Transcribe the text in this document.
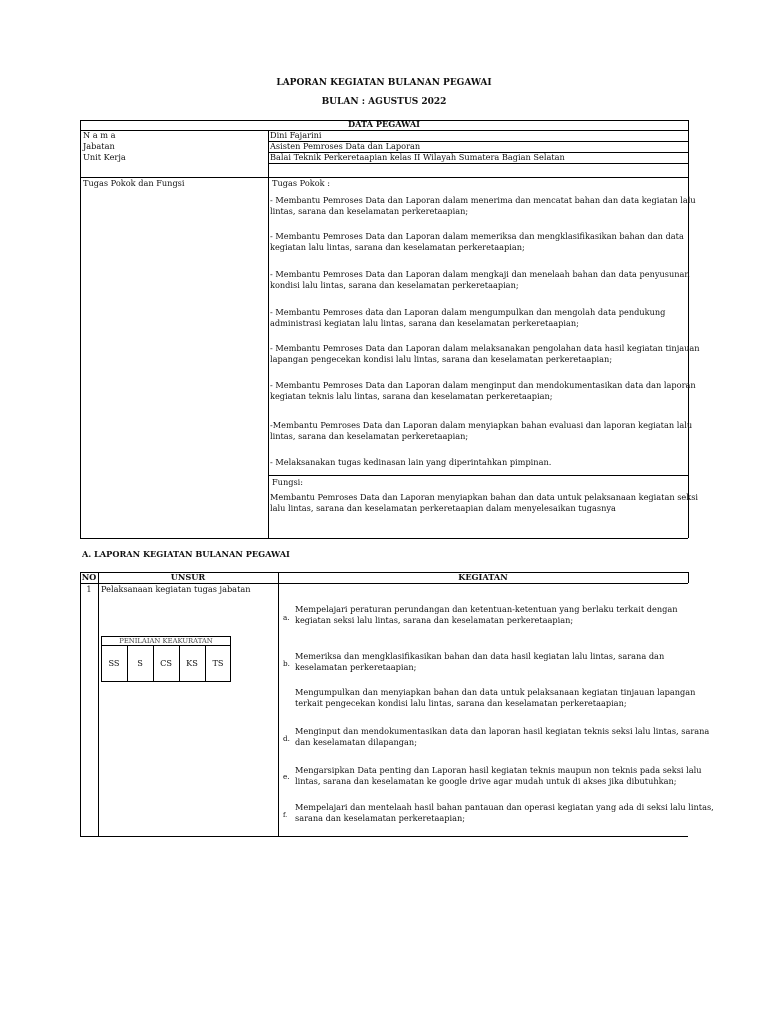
LAPORAN KEGIATAN BULANAN PEGAWAI
BULAN : AGUSTUS 2022
DATA PEGAWAI
N a m a	Dini Fajarini
Jabatan	Asisten Pemroses Data dan Laporan
Unit Kerja	Balai Teknik Perkeretaapian kelas II Wilayah Sumatera Bagian Selatan
Tugas Pokok dan Fungsi	Tugas Pokok :
- Membantu Pemroses Data dan Laporan dalam menerima dan mencatat bahan dan data kegiatan lalu
lintas, sarana dan keselamatan perkeretaapian;
- Membantu Pemroses Data dan Laporan dalam memeriksa dan mengklasifikasikan bahan dan data
kegiatan lalu lintas, sarana dan keselamatan perkeretaapian;
- Membantu Pemroses Data dan Laporan dalam mengkaji dan menelaah bahan dan data penyusunan
kondisi lalu lintas, sarana dan keselamatan perkeretaapian;
- Membantu Pemroses data dan Laporan dalam mengumpulkan dan mengolah data pendukung
administrasi kegiatan lalu lintas, sarana dan keselamatan perkeretaapian;
- Membantu Pemroses Data dan Laporan dalam melaksanakan pengolahan data hasil kegiatan tinjauan
lapangan pengecekan kondisi lalu lintas, sarana dan keselamatan perkeretaapian;
- Membantu Pemroses Data dan Laporan dalam menginput dan mendokumentasikan data dan laporan
kegiatan teknis lalu lintas, sarana dan keselamatan perkeretaapian;
-Membantu Pemroses Data dan Laporan dalam menyiapkan bahan evaluasi dan laporan kegiatan lalu
lintas, sarana dan keselamatan perkeretaapian;
- Melaksanakan tugas kedinasan lain yang diperintahkan pimpinan.
Fungsi:
Membantu Pemroses Data dan Laporan menyiapkan bahan dan data untuk pelaksanaan kegiatan seksi
lalu lintas, sarana dan keselamatan perkeretaapian dalam menyelesaikan tugasnya
A. LAPORAN KEGIATAN BULANAN PEGAWAI
NO	UNSUR	KEGIATAN
1	Pelaksanaan kegiatan tugas jabatan
PENILAIAN KEAKURATAN
SS	S	CS	KS	TS
a.
Mempelajari peraturan perundangan dan ketentuan-ketentuan yang berlaku terkait dengan
kegiatan seksi lalu lintas, sarana dan keselamatan perkeretaapian;
b.
Memeriksa dan mengklasifikasikan bahan dan data hasil kegiatan lalu lintas, sarana dan
keselamatan perkeretaapian;
Mengumpulkan dan menyiapkan bahan dan data untuk pelaksanaan kegiatan tinjauan lapangan
terkait pengecekan kondisi lalu lintas, sarana dan keselamatan perkeretaapian;
d.
Menginput dan mendokumentasikan data dan laporan hasil kegiatan teknis seksi lalu lintas, sarana
dan keselamatan dilapangan;
e.
Mengarsipkan Data penting dan Laporan hasil kegiatan teknis maupun non teknis pada seksi lalu
lintas, sarana dan keselamatan ke google drive agar mudah untuk di akses jika dibutuhkan;
f.
Mempelajari dan mentelaah hasil bahan pantauan dan operasi kegiatan yang ada di seksi lalu lintas,
sarana dan keselamatan perkeretaapian;
